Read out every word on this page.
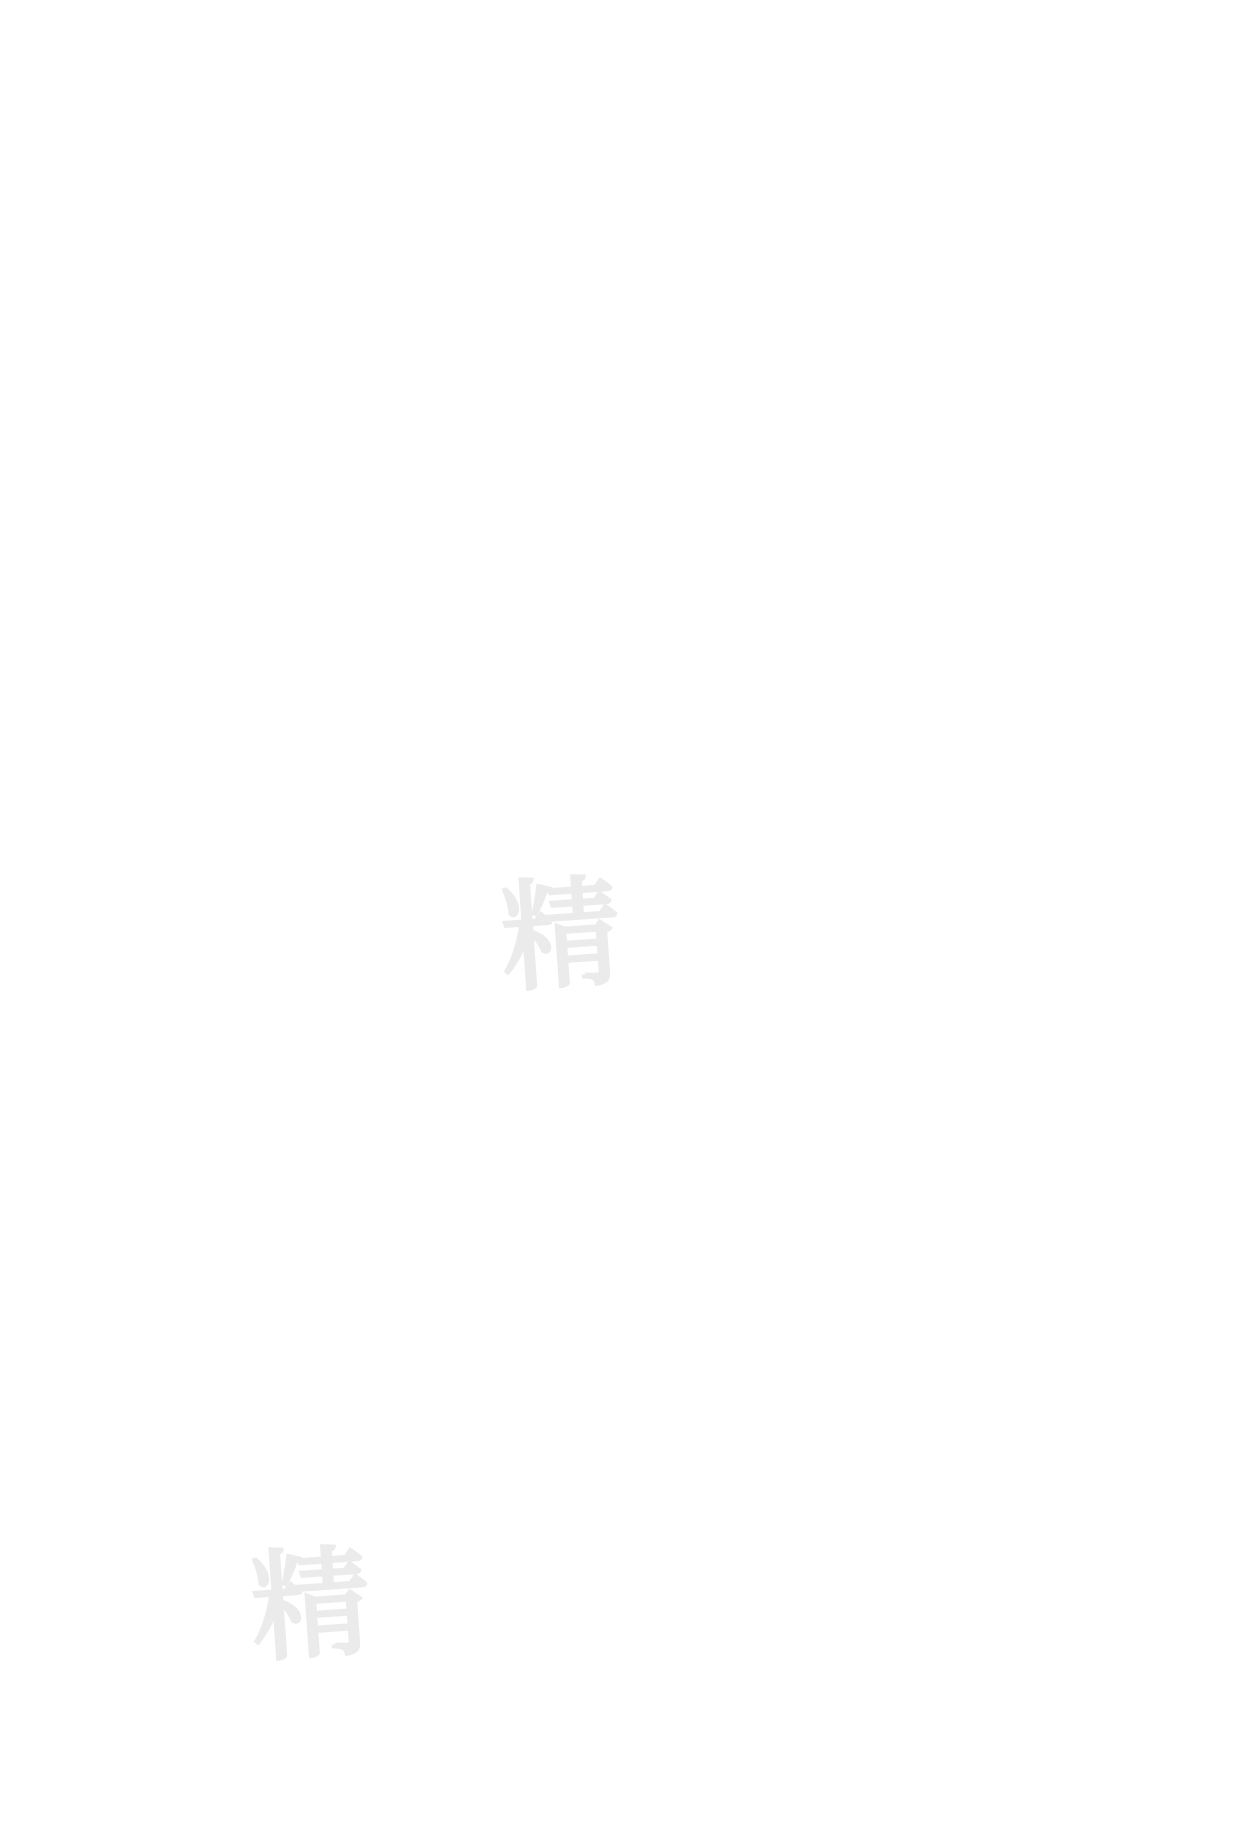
精
精
